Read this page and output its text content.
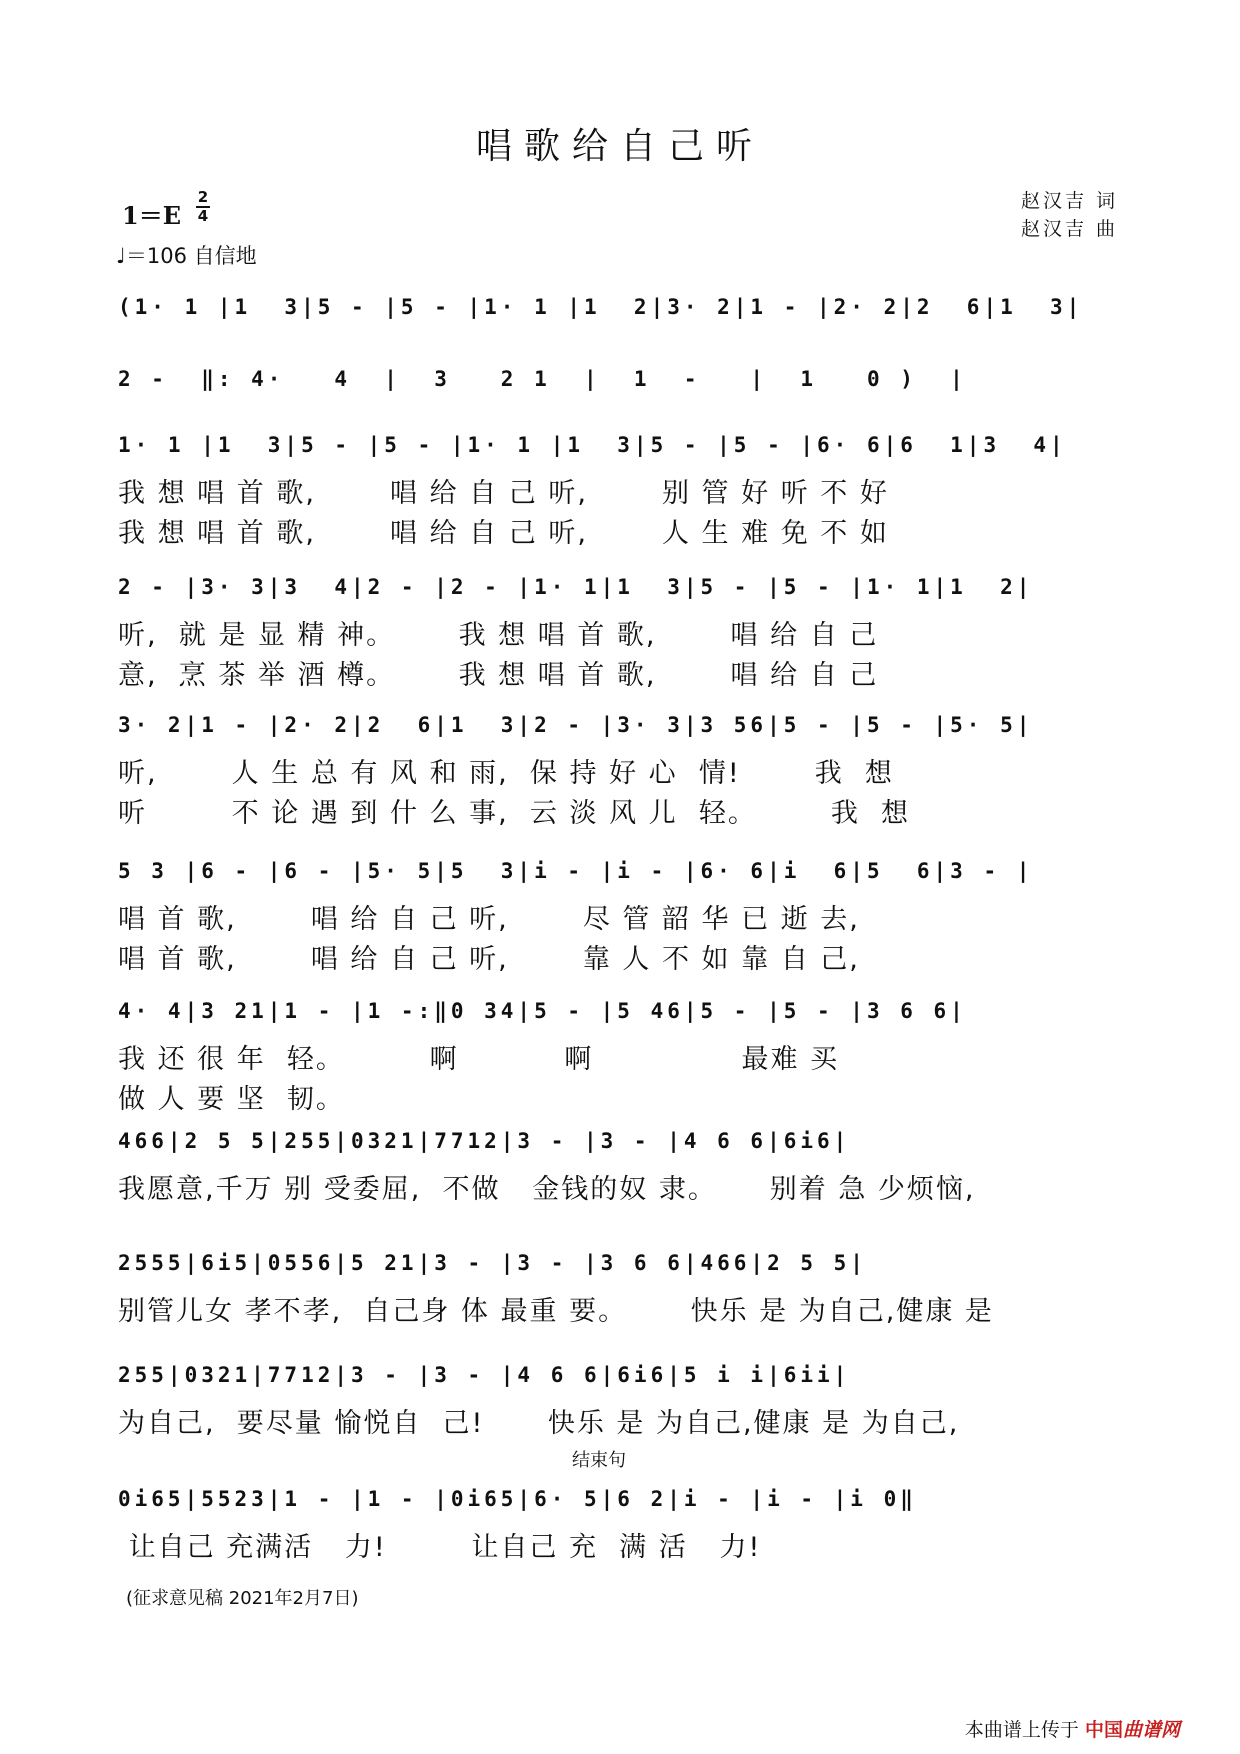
唱歌给自己听
1＝E
2
4
♩＝106 自信地
赵汉吉 词
赵汉吉 曲
(1· 1 |1  3|5 - |5 - |1· 1 |1  2|3· 2|1 - |2· 2|2  6|1  3|
2 -  ‖: 4·   4  |  3   2 1  |  1  -   |  1   0 )  |
1· 1 |1  3|5 - |5 - |1· 1 |1  3|5 - |5 - |6· 6|6  1|3  4|
我 想 唱 首 歌,       唱 给 自 己 听,       别 管 好 听 不 好
我 想 唱 首 歌,       唱 给 自 己 听,       人 生 难 免 不 如
2 - |3· 3|3  4|2 - |2 - |1· 1|1  3|5 - |5 - |1· 1|1  2|
听,  就 是 显 精 神。      我 想 唱 首 歌,       唱 给 自 己
意,  烹 茶 举 酒 樽。      我 想 唱 首 歌,       唱 给 自 己
3· 2|1 - |2· 2|2  6|1  3|2 - |3· 3|3 56|5 - |5 - |5· 5|
听,       人 生 总 有 风 和 雨,  保 持 好 心  情!       我  想
听        不 论 遇 到 什 么 事,  云 淡 风 儿  轻。       我  想
5 3 |6 - |6 - |5· 5|5  3|i - |i - |6· 6|i  6|5  6|3 - |
唱 首 歌,       唱 给 自 己 听,       尽 管 韶 华 已 逝 去,
唱 首 歌,       唱 给 自 己 听,       靠 人 不 如 靠 自 己,
4· 4|3 21|1 - |1 -:‖0 34|5 - |5 46|5 - |5 - |3 6 6|
我 还 很 年  轻。        啊          啊              最难 买
做 人 要 坚  韧。
466|2 5 5|255|0321|7712|3 - |3 - |4 6 6|6i6|
我愿意,千万 别 受委屈,  不做   金钱的奴 隶。     别着 急 少烦恼,
2555|6i5|0556|5 21|3 - |3 - |3 6 6|466|2 5 5|
别管儿女 孝不孝,  自己身 体 最重 要。      快乐 是 为自己,健康 是
255|0321|7712|3 - |3 - |4 6 6|6i6|5 i i|6ii|
为自己,  要尽量 愉悦自  己!      快乐 是 为自己,健康 是 为自己,
0i65|5523|1 - |1 - |0i65|6· 5|6 2|i - |i - |i 0‖
让自己 充满活   力!        让自己 充  满 活   力!
结束句
(征求意见稿 2021年2月7日)
本曲谱上传于 中国曲谱网
